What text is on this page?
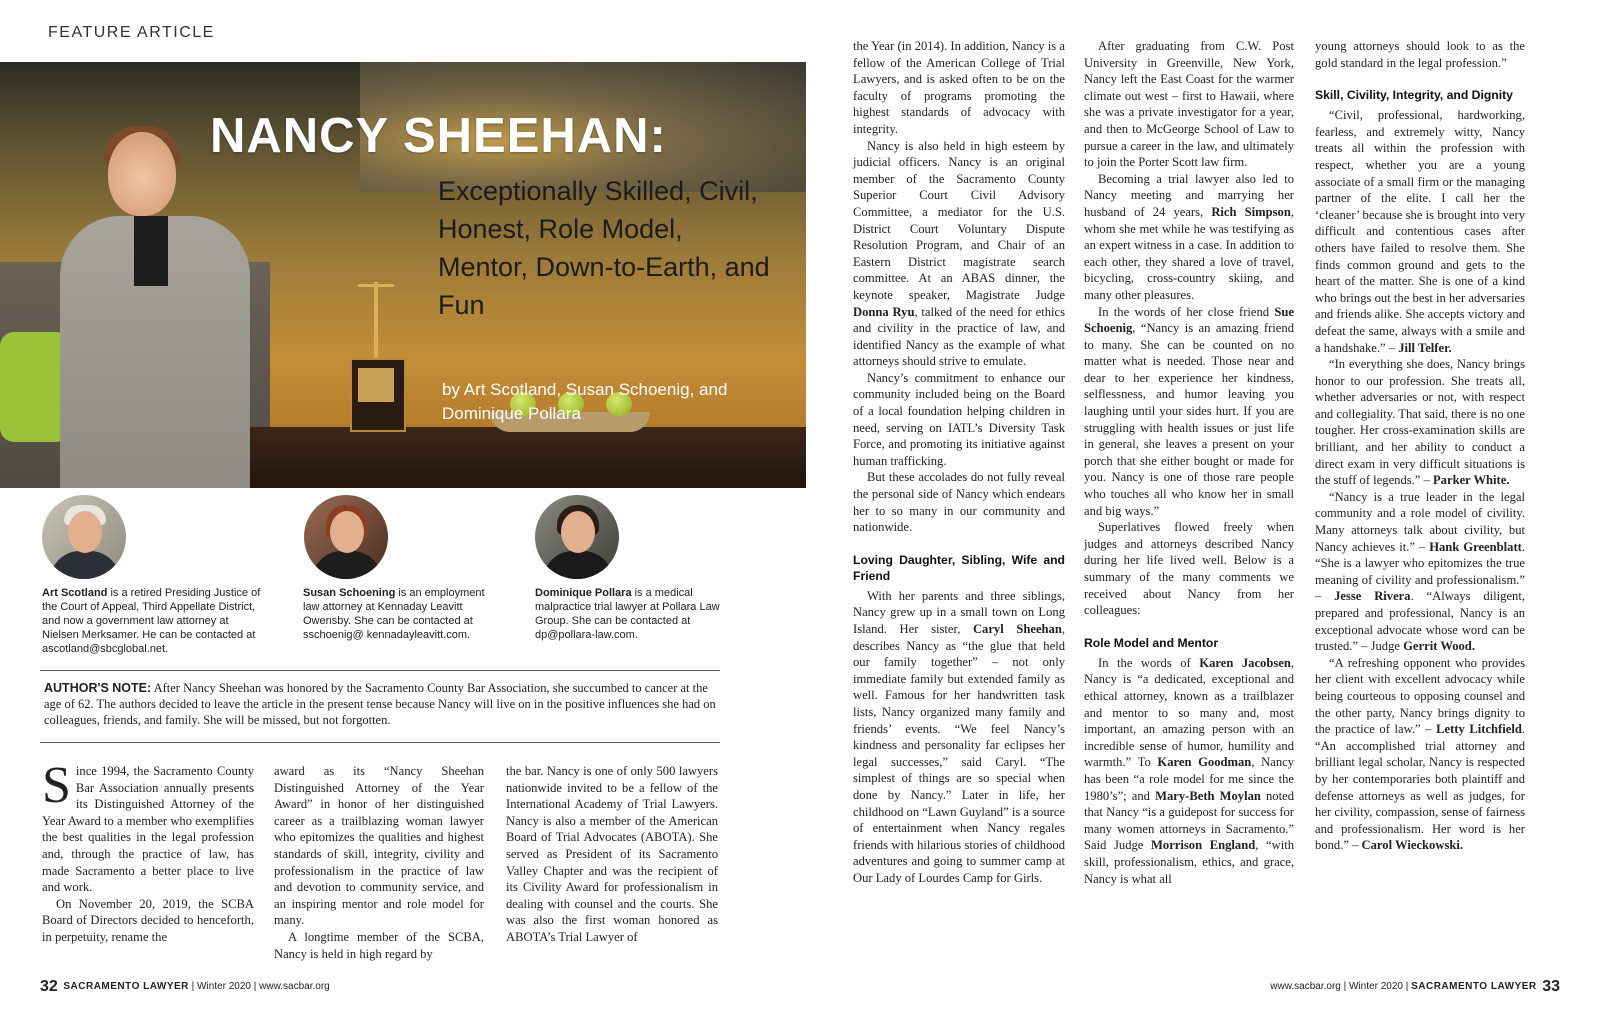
FEATURE ARTICLE
NANCY SHEEHAN:
Exceptionally Skilled, Civil, Honest, Role Model, Mentor, Down-to-Earth, and Fun
by Art Scotland, Susan Schoenig, and Dominique Pollara
Art Scotland is a retired Presiding Justice of the Court of Appeal, Third Appellate District, and now a government law attorney at Nielsen Merksamer. He can be contacted at ascotland@sbcglobal.net.
Susan Schoening is an employment law attorney at Kennaday Leavitt Owensby. She can be contacted at sschoenig@ kennadayleavitt.com.
Dominique Pollara is a medical malpractice trial lawyer at Pollara Law Group. She can be contacted at dp@pollara-law.com.
AUTHOR'S NOTE: After Nancy Sheehan was honored by the Sacramento County Bar Association, she succumbed to cancer at the age of 62. The authors decided to leave the article in the present tense because Nancy will live on in the positive influences she had on colleagues, friends, and family. She will be missed, but not forgotten.

Since 1994, the Sacramento County Bar Association annually presents its Distinguished Attorney of the Year Award to a member who exemplifies the best qualities in the legal profession and, through the practice of law, has made Sacramento a better place to live and work.

On November 20, 2019, the SCBA Board of Directors decided to henceforth, in perpetuity, rename the

award as its “Nancy Sheehan Distinguished Attorney of the Year Award” in honor of her distinguished career as a trailblazing woman lawyer who epitomizes the qualities and highest standards of skill, integrity, civility and professionalism in the practice of law and devotion to community service, and an inspiring mentor and role model for many.

A longtime member of the SCBA, Nancy is held in high regard by

the bar. Nancy is one of only 500 lawyers nationwide invited to be a fellow of the International Academy of Trial Lawyers. Nancy is also a member of the American Board of Trial Advocates (ABOTA). She served as President of its Sacramento Valley Chapter and was the recipient of its Civility Award for professionalism in dealing with counsel and the courts. She was also the first woman honored as ABOTA’s Trial Lawyer of

the Year (in 2014). In addition, Nancy is a fellow of the American College of Trial Lawyers, and is asked often to be on the faculty of programs promoting the highest standards of advocacy with integrity.

Nancy is also held in high esteem by judicial officers. Nancy is an original member of the Sacramento County Superior Court Civil Advisory Committee, a mediator for the U.S. District Court Voluntary Dispute Resolution Program, and Chair of an Eastern District magistrate search committee. At an ABAS dinner, the keynote speaker, Magistrate Judge Donna Ryu, talked of the need for ethics and civility in the practice of law, and identified Nancy as the example of what attorneys should strive to emulate.

Nancy’s commitment to enhance our community included being on the Board of a local foundation helping children in need, serving on IATL’s Diversity Task Force, and promoting its initiative against human trafficking.

But these accolades do not fully reveal the personal side of Nancy which endears her to so many in our community and nationwide.

Loving Daughter, Sibling, Wife and Friend

With her parents and three siblings, Nancy grew up in a small town on Long Island. Her sister, Caryl Sheehan, describes Nancy as “the glue that held our family together” – not only immediate family but extended family as well. Famous for her handwritten task lists, Nancy organized many family and friends’ events. “We feel Nancy’s kindness and personality far eclipses her legal successes,” said Caryl. “The simplest of things are so special when done by Nancy.” Later in life, her childhood on “Lawn Guyland” is a source of entertainment when Nancy regales friends with hilarious stories of childhood adventures and going to summer camp at Our Lady of Lourdes Camp for Girls.

After graduating from C.W. Post University in Greenville, New York, Nancy left the East Coast for the warmer climate out west – first to Hawaii, where she was a private investigator for a year, and then to McGeorge School of Law to pursue a career in the law, and ultimately to join the Porter Scott law firm.

Becoming a trial lawyer also led to Nancy meeting and marrying her husband of 24 years, Rich Simpson, whom she met while he was testifying as an expert witness in a case. In addition to each other, they shared a love of travel, bicycling, cross-country skiing, and many other pleasures.

In the words of her close friend Sue Schoenig, “Nancy is an amazing friend to many. She can be counted on no matter what is needed. Those near and dear to her experience her kindness, selflessness, and humor leaving you laughing until your sides hurt. If you are struggling with health issues or just life in general, she leaves a present on your porch that she either bought or made for you. Nancy is one of those rare people who touches all who know her in small and big ways.”

Superlatives flowed freely when judges and attorneys described Nancy during her life lived well. Below is a summary of the many comments we received about Nancy from her colleagues:

Role Model and Mentor

In the words of Karen Jacobsen, Nancy is “a dedicated, exceptional and ethical attorney, known as a trailblazer and mentor to so many and, most important, an amazing person with an incredible sense of humor, humility and warmth.” To Karen Goodman, Nancy has been “a role model for me since the 1980’s”; and Mary-Beth Moylan noted that Nancy “is a guidepost for success for many women attorneys in Sacramento.” Said Judge Morrison England, “with skill, professionalism, ethics, and grace, Nancy is what all

young attorneys should look to as the gold standard in the legal profession.”

Skill, Civility, Integrity, and Dignity

“Civil, professional, hardworking, fearless, and extremely witty, Nancy treats all within the profession with respect, whether you are a young associate of a small firm or the managing partner of the elite. I call her the ‘cleaner’ because she is brought into very difficult and contentious cases after others have failed to resolve them. She finds common ground and gets to the heart of the matter. She is one of a kind who brings out the best in her adversaries and friends alike. She accepts victory and defeat the same, always with a smile and a handshake.” – Jill Telfer.

“In everything she does, Nancy brings honor to our profession. She treats all, whether adversaries or not, with respect and collegiality. That said, there is no one tougher. Her cross-examination skills are brilliant, and her ability to conduct a direct exam in very difficult situations is the stuff of legends.” – Parker White.

“Nancy is a true leader in the legal community and a role model of civility. Many attorneys talk about civility, but Nancy achieves it.” – Hank Greenblatt. “She is a lawyer who epitomizes the true meaning of civility and professionalism.” – Jesse Rivera. “Always diligent, prepared and professional, Nancy is an exceptional advocate whose word can be trusted.” – Judge Gerrit Wood.

“A refreshing opponent who provides her client with excellent advocacy while being courteous to opposing counsel and the other party, Nancy brings dignity to the practice of law.” – Letty Litchfield. “An accomplished trial attorney and brilliant legal scholar, Nancy is respected by her contemporaries both plaintiff and defense attorneys as well as judges, for her civility, compassion, sense of fairness and professionalism. Her word is her bond.” – Carol Wieckowski.

32 SACRAMENTO LAWYER | Winter 2020 | www.sacbar.org	www.sacbar.org | Winter 2020 | SACRAMENTO LAWYER 33
